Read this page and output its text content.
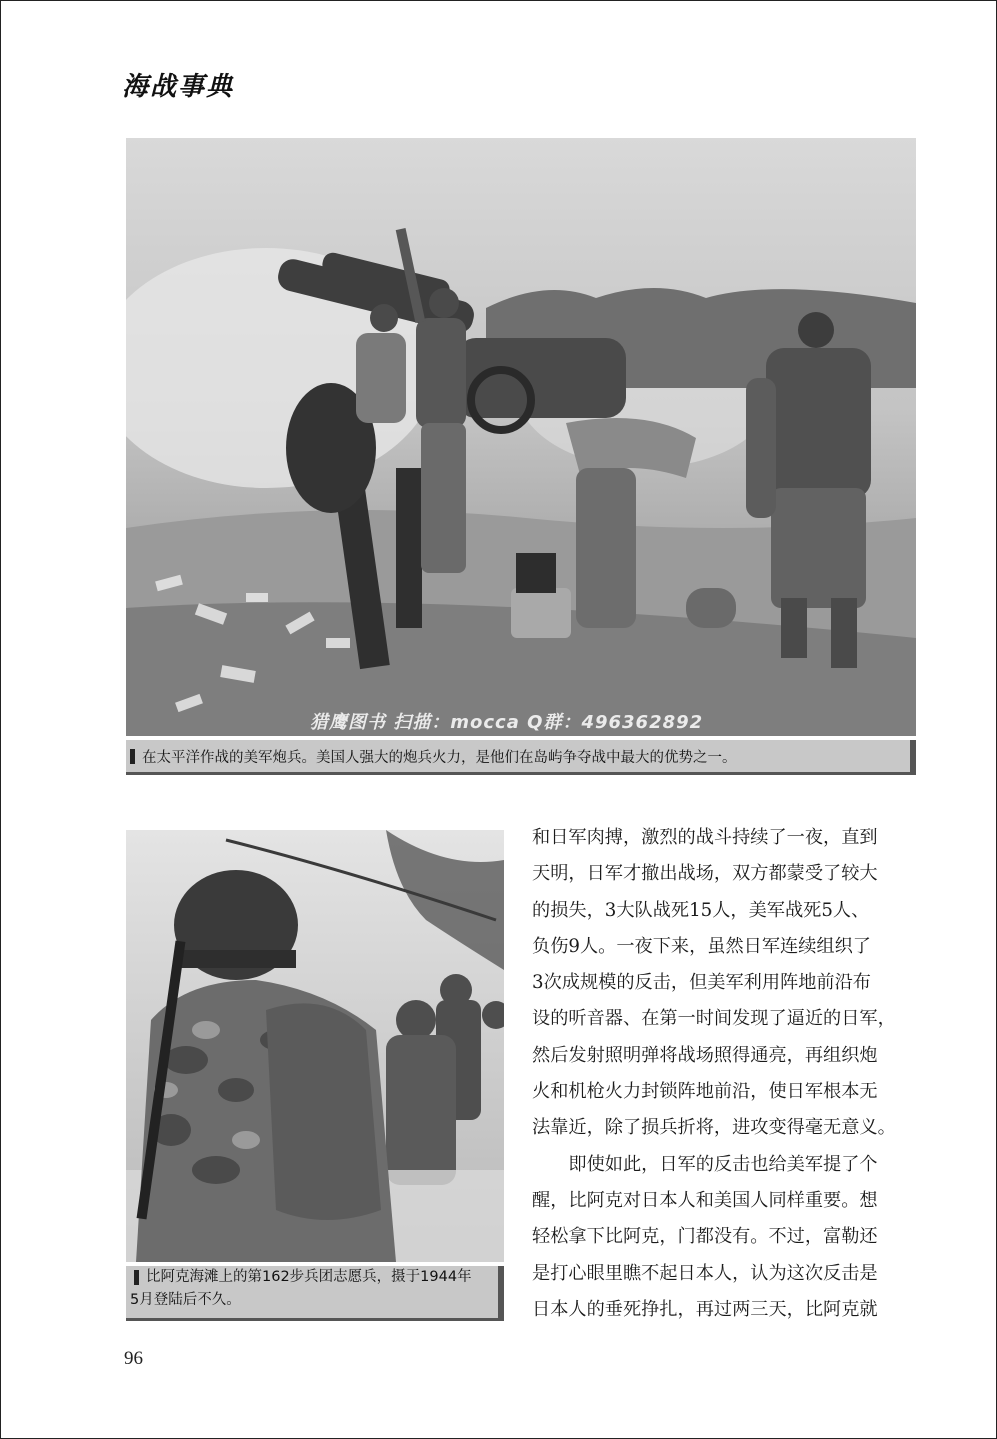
海战事典
猎鹰图书 扫描：mocca Q群：496362892
在太平洋作战的美军炮兵。美国人强大的炮兵火力，是他们在岛屿争夺战中最大的优势之一。
比阿克海滩上的第162步兵团志愿兵，摄于1944年
5月登陆后不久。

和日军肉搏，激烈的战斗持续了一夜，直到

天明，日军才撤出战场，双方都蒙受了较大

的损失，3大队战死15人，美军战死5人、

负伤9人。一夜下来，虽然日军连续组织了

3次成规模的反击，但美军利用阵地前沿布

设的听音器、在第一时间发现了逼近的日军，

然后发射照明弹将战场照得通亮，再组织炮

火和机枪火力封锁阵地前沿，使日军根本无

法靠近，除了损兵折将，进攻变得毫无意义。

即使如此，日军的反击也给美军提了个

醒，比阿克对日本人和美国人同样重要。想

轻松拿下比阿克，门都没有。不过，富勒还

是打心眼里瞧不起日本人，认为这次反击是

日本人的垂死挣扎，再过两三天，比阿克就

96
